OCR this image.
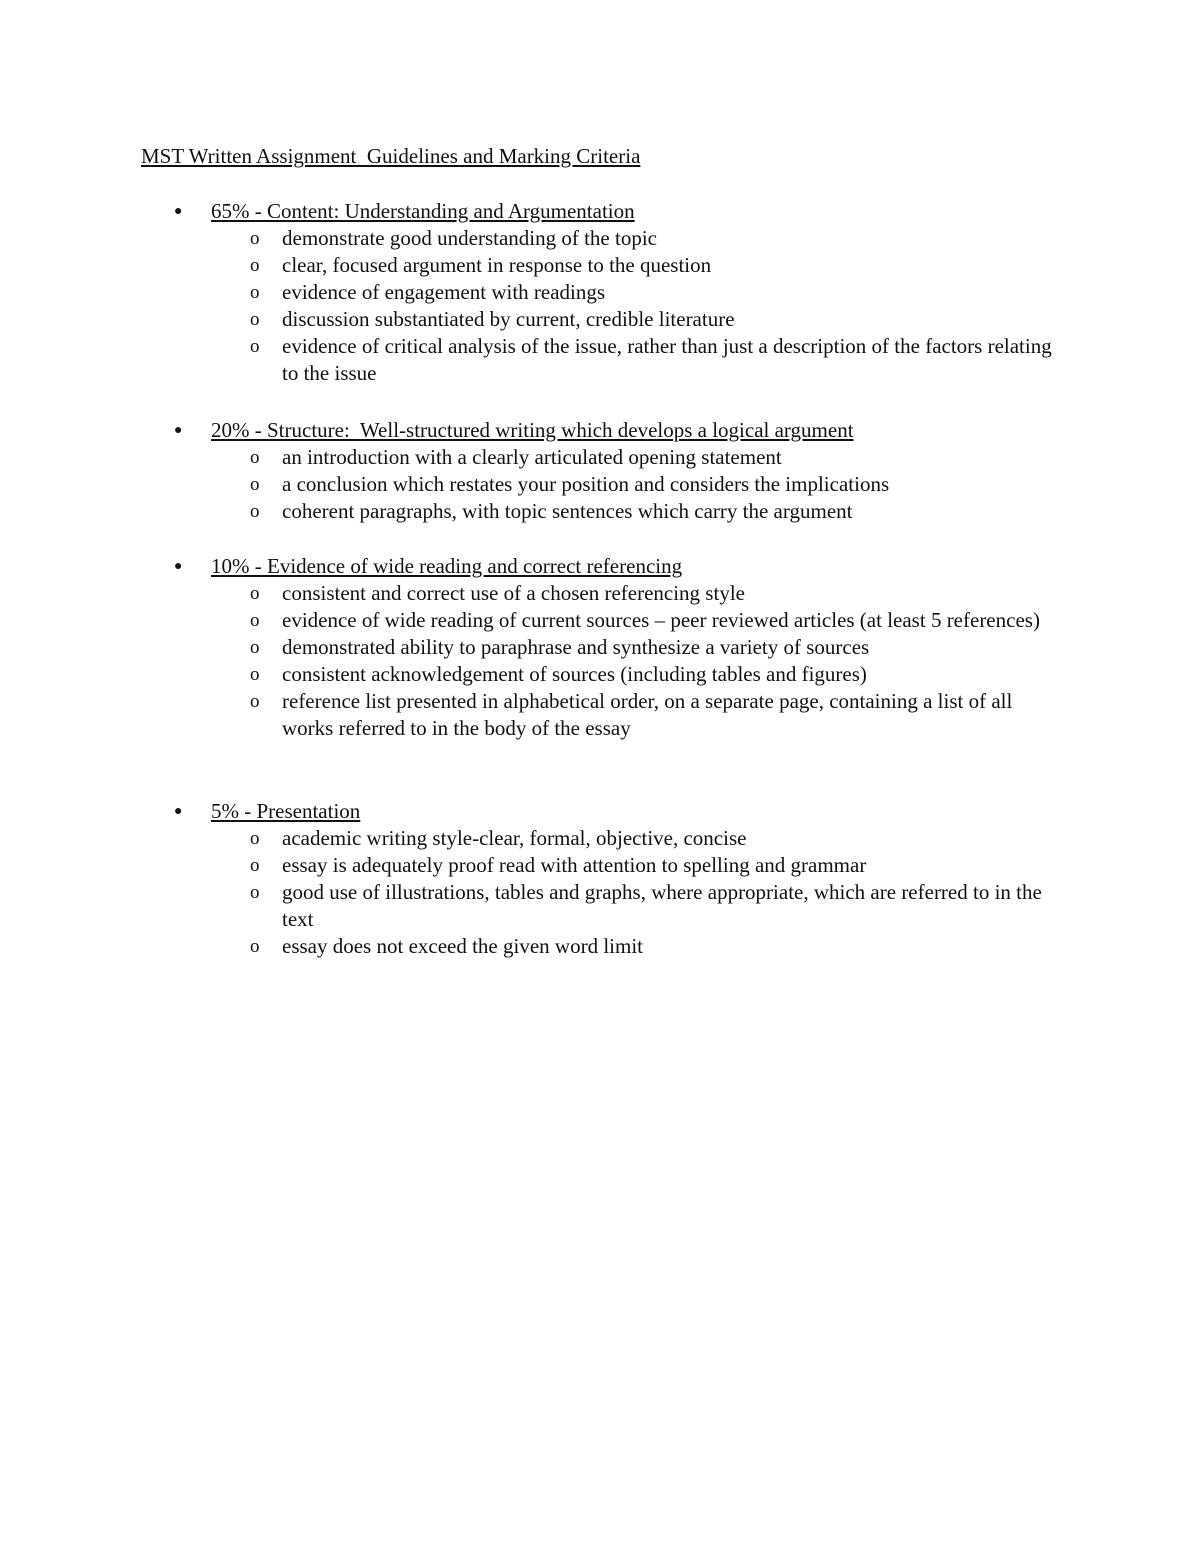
MST Written Assignment  Guidelines and Marking Criteria
● 65% - Content: Understanding and Argumentation
o demonstrate good understanding of the topic
o clear, focused argument in response to the question
o evidence of engagement with readings
o discussion substantiated by current, credible literature
o evidence of critical analysis of the issue, rather than just a description of the factors relating to the issue
● 20% - Structure:  Well-structured writing which develops a logical argument
o an introduction with a clearly articulated opening statement
o a conclusion which restates your position and considers the implications
o coherent paragraphs, with topic sentences which carry the argument
● 10% - Evidence of wide reading and correct referencing
o consistent and correct use of a chosen referencing style
o evidence of wide reading of current sources – peer reviewed articles (at least 5 references)
o demonstrated ability to paraphrase and synthesize a variety of sources
o consistent acknowledgement of sources (including tables and figures)
o reference list presented in alphabetical order, on a separate page, containing a list of all works referred to in the body of the essay
● 5% - Presentation
o academic writing style-clear, formal, objective, concise
o essay is adequately proof read with attention to spelling and grammar
o good use of illustrations, tables and graphs, where appropriate, which are referred to in the text
o essay does not exceed the given word limit
